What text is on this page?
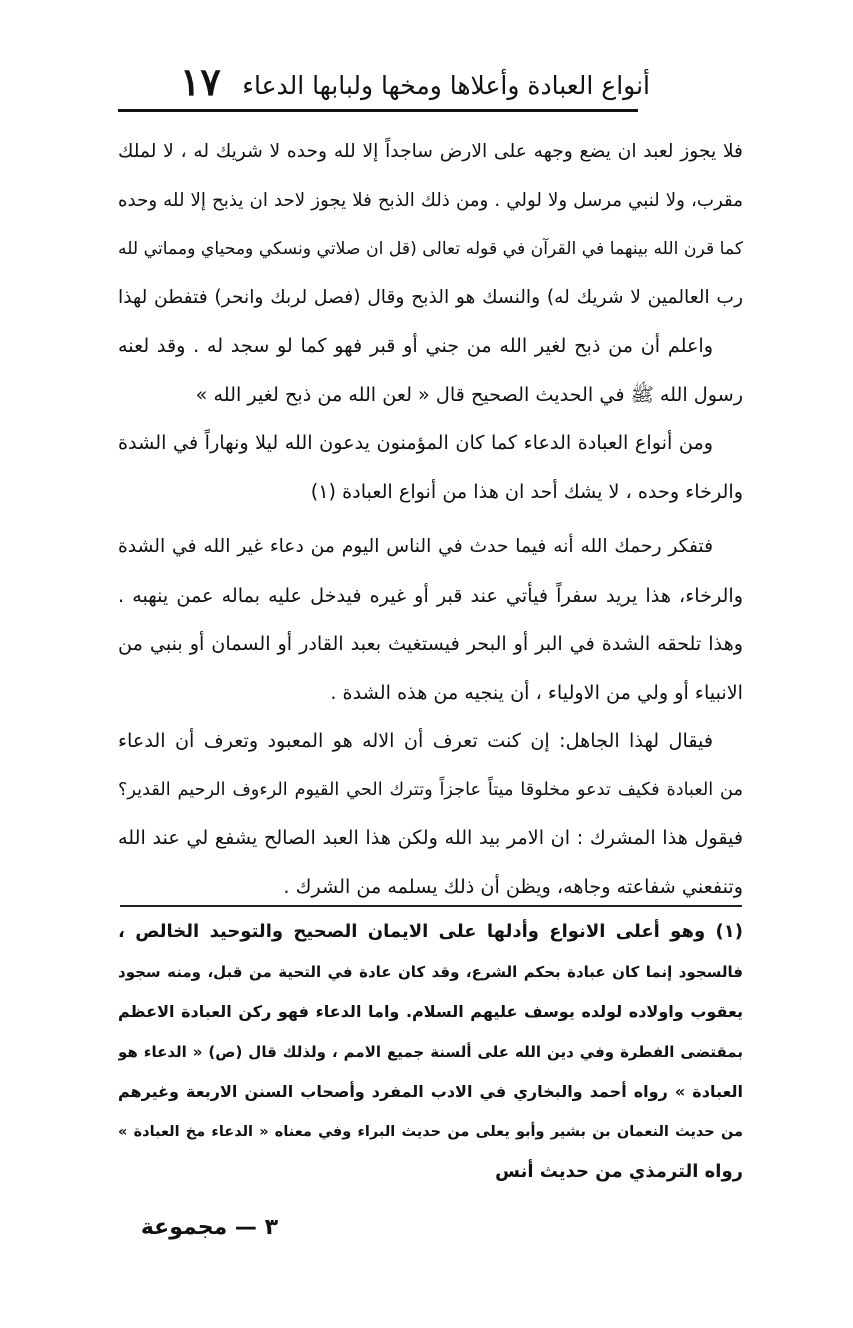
أنواع العبادة وأعلاها ومخها ولبابها الدعاء
١٧
فلا يجوز لعبد ان يضع وجهه على الارض ساجداً إلا لله وحده لا شريك له ، لا لملك
مقرب، ولا لنبي مرسل ولا لولي . ومن ذلك الذبح فلا يجوز لاحد ان يذبح إلا لله وحده
كما قرن الله بينهما في القرآن في قوله تعالى (قل ان صلاتي ونسكي ومحياي ومماتي لله
رب العالمين لا شريك له) والنسك هو الذبح وقال (فصل لربك وانحر) فتفطن لهذا
واعلم أن من ذبح لغير الله من جني أو قبر فهو كما لو سجد له . وقد لعنه
رسول الله ﷺ في الحديث الصحيح قال « لعن الله من ذبح لغير الله »
ومن أنواع العبادة الدعاء كما كان المؤمنون يدعون الله ليلا ونهاراً في الشدة
والرخاء وحده ، لا يشك أحد ان هذا من أنواع العبادة (١)
فتفكر رحمك الله أنه فيما حدث في الناس اليوم من دعاء غير الله في الشدة
والرخاء، هذا يريد سفراً فيأتي عند قبر أو غيره فيدخل عليه بماله عمن ينهبه .
وهذا تلحقه الشدة في البر أو البحر فيستغيث بعبد القادر أو السمان أو بنبي من
الانبياء أو ولي من الاولياء ، أن ينجيه من هذه الشدة .
فيقال لهذا الجاهل: إن كنت تعرف أن الاله هو المعبود وتعرف أن الدعاء
من العبادة فكيف تدعو مخلوقا ميتاً عاجزاً وتترك الحي القيوم الرءوف الرحيم القدير؟
فيقول هذا المشرك : ان الامر بيد الله ولكن هذا العبد الصالح يشفع لي عند الله
وتنفعني شفاعته وجاهه، ويظن أن ذلك يسلمه من الشرك .
(١) وهو أعلى الانواع وأدلها على الايمان الصحيح والتوحيد الخالص ،
فالسجود إنما كان عبادة بحكم الشرع، وقد كان عادة في التحية من قبل، ومنه سجود
يعقوب واولاده لولده يوسف عليهم السلام. واما الدعاء فهو ركن العبادة الاعظم
بمقتضى الفطرة وفي دين الله على ألسنة جميع الامم ، ولذلك قال (ص) « الدعاء هو
العبادة » رواه أحمد والبخاري في الادب المفرد وأصحاب السنن الاربعة وغيرهم
من حديث النعمان بن بشير وأبو يعلى من حديث البراء وفي معناه « الدعاء مخ العبادة »
رواه الترمذي من حديث أنس
٣ — مجموعة
